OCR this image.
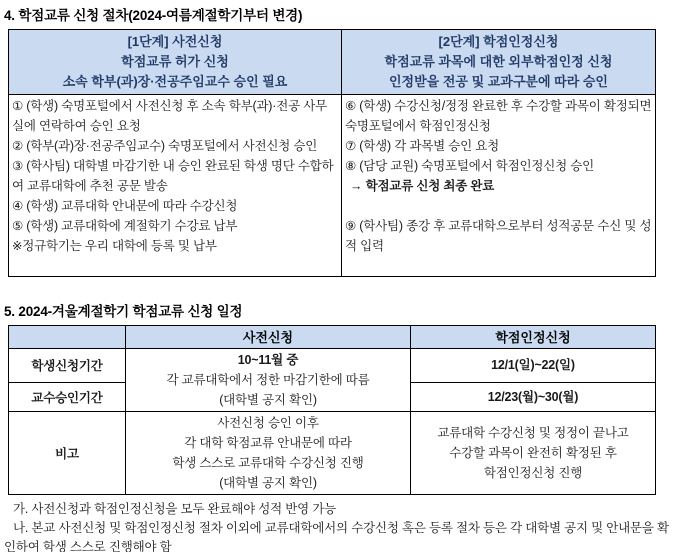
4. 학점교류 신청 절차(2024-여름계절학기부터 변경)
[1단계] 사전신청
학점교류 허가 신청
소속 학부(과)장·전공주임교수 승인 필요

[2단계] 학점인정신청
학점교류 과목에 대한 외부학점인정 신청
인정받을 전공 및 교과구분에 따라 승인

① (학생) 숙명포털에서 사전신청 후 소속 학부(과)·전공 사무실에 연락하여 승인 요청
② (학부(과)장·전공주임교수) 숙명포털에서 사전신청 승인
③ (학사팀) 대학별 마감기한 내 승인 완료된 학생 명단 수합하여 교류대학에 추천 공문 발송
④ (학생) 교류대학 안내문에 따라 수강신청
⑤ (학생) 교류대학에 계절학기 수강료 납부
※정규학기는 우리 대학에 등록 및 납부

⑥ (학생) 수강신청/정정 완료한 후 수강할 과목이 확정되면 숙명포털에서 학점인정신청
⑦ (학생) 각 과목별 승인 요청
⑧ (담당 교원) 숙명포털에서 학점인정신청 승인
→ 학점교류 신청 최종 완료
⑨ (학사팀) 종강 후 교류대학으로부터 성적공문 수신 및 성적 입력
5. 2024-겨울계절학기 학점교류 신청 일정
	사전신청	학점인정신청
학생신청기간	10~11월 중
각 교류대학에서 정한 마감기한에 따름
(대학별 공지 확인)	12/1(일)~22(일)
교수승인기간		12/23(월)~30(월)
비고	
사전신청 승인 이후
각 대학 학점교류 안내문에 따라
학생 스스로 교류대학 수강신청 진행
(대학별 공지 확인)

교류대학 수강신청 및 정정이 끝나고
수강할 과목이 완전히 확정된 후
학점인정신청 진행

가. 사전신청과 학점인정신청을 모두 완료해야 성적 반영 가능

나. 본교 사전신청 및 학점인정신청 절차 이외에 교류대학에서의 수강신청 혹은 등록 절차 등은 각 대학별 공지 및 안내문을 확인하여 학생 스스로 진행해야 함
